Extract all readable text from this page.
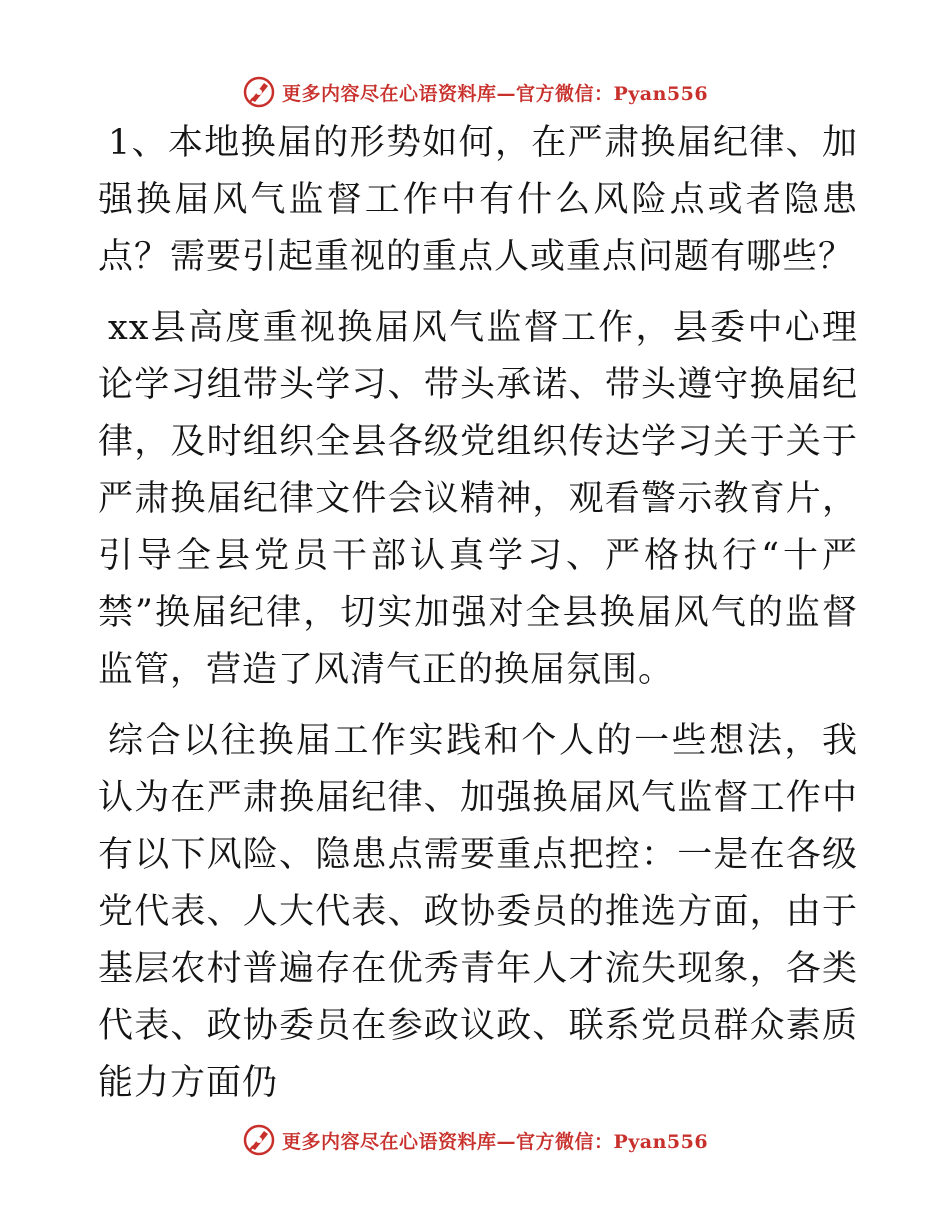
更多内容尽在心语资料库—官方微信：Pyan556

1、本地换届的形势如何，在严肃换届纪律、加强换届风气监督工作中有什么风险点或者隐患点？需要引起重视的重点人或重点问题有哪些？

xx县高度重视换届风气监督工作，县委中心理论学习组带头学习、带头承诺、带头遵守换届纪律，及时组织全县各级党组织传达学习关于关于严肃换届纪律文件会议精神，观看警示教育片，引导全县党员干部认真学习、严格执行“十严禁”换届纪律，切实加强对全县换届风气的监督监管，营造了风清气正的换届氛围。

综合以往换届工作实践和个人的一些想法，我认为在严肃换届纪律、加强换届风气监督工作中有以下风险、隐患点需要重点把控：一是在各级党代表、人大代表、政协委员的推选方面，由于基层农村普遍存在优秀青年人才流失现象，各类代表、政协委员在参政议政、联系党员群众素质能力方面仍

更多内容尽在心语资料库—官方微信：Pyan556
